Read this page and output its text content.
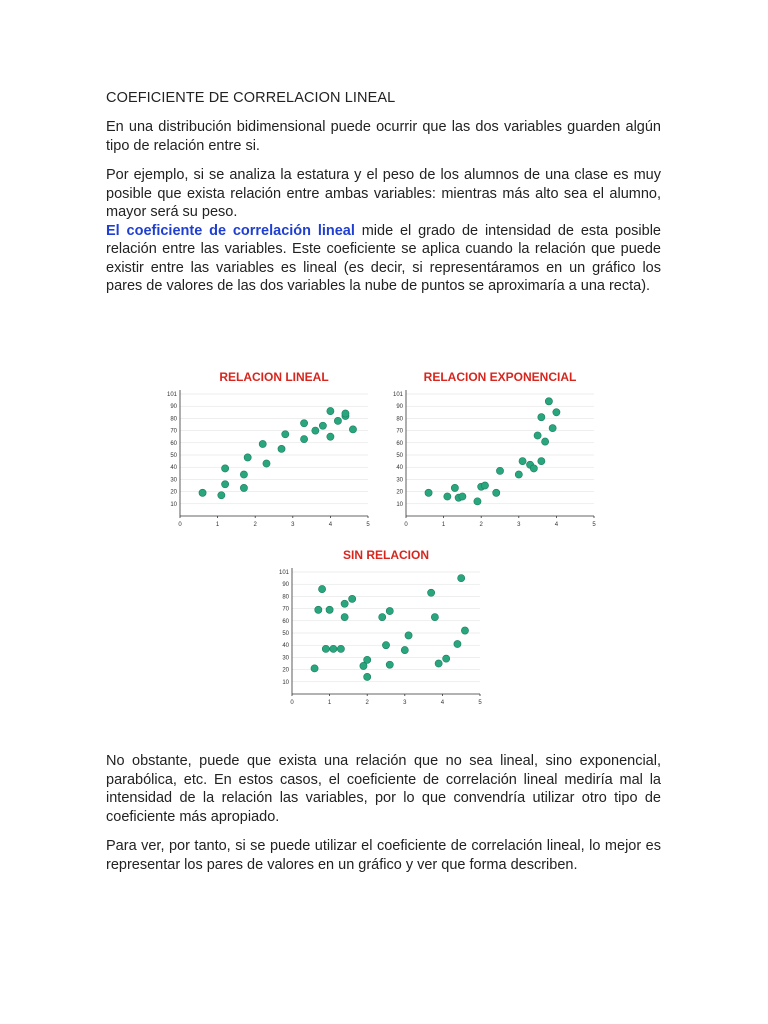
COEFICIENTE DE CORRELACION LINEAL

En una distribución bidimensional puede ocurrir que las dos variables guarden algún tipo de relación entre si.

Por ejemplo, si se analiza la estatura y el peso de los alumnos de una clase es muy posible que exista relación entre ambas variables: mientras más alto sea el alumno, mayor será su peso.

El coeficiente de correlación lineal mide el grado de intensidad de esta posible relación entre las variables. Este coeficiente se aplica cuando la relación que puede existir entre las variables es lineal (es decir, si representáramos en un gráfico los pares de valores de las dos variables la nube de puntos se aproximaría a una recta).

RELACION LINEAL
10
20
30
40
50
60
70
80
90
101
0	1	2	3	4	5
RELACION EXPONENCIAL
10
20
30
40
50
60
70
80
90
101
0	1	2	3	4	5
SIN RELACION
10
20
30
40
50
60
70
80
90
101
0	1	2	3	4	5

No obstante, puede que exista una relación que no sea lineal, sino exponencial, parabólica, etc. En estos casos, el coeficiente de correlación lineal mediría mal la intensidad de la relación las variables, por lo que convendría utilizar otro tipo de coeficiente más apropiado.

Para ver, por tanto, si se puede utilizar el coeficiente de correlación lineal, lo mejor es representar los pares de valores en un gráfico y ver que forma describen.
